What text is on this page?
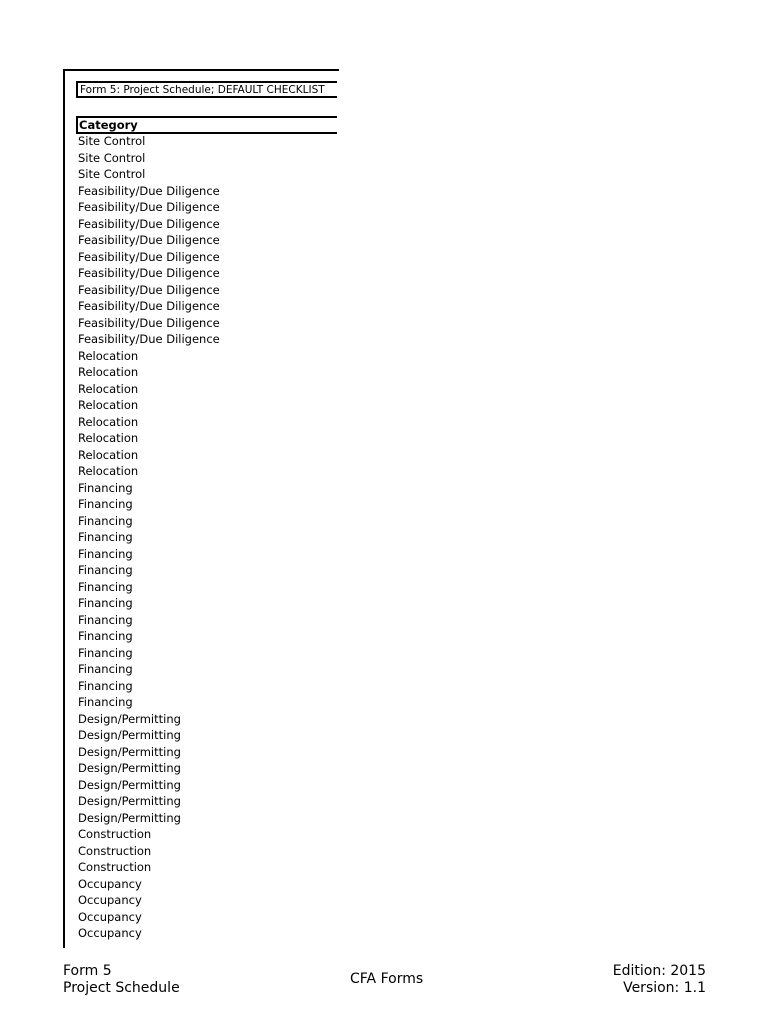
Form 5: Project Schedule; DEFAULT CHECKLIST
Category
Site Control
Site Control
Site Control
Feasibility/Due Diligence
Feasibility/Due Diligence
Feasibility/Due Diligence
Feasibility/Due Diligence
Feasibility/Due Diligence
Feasibility/Due Diligence
Feasibility/Due Diligence
Feasibility/Due Diligence
Feasibility/Due Diligence
Feasibility/Due Diligence
Relocation
Relocation
Relocation
Relocation
Relocation
Relocation
Relocation
Relocation
Financing
Financing
Financing
Financing
Financing
Financing
Financing
Financing
Financing
Financing
Financing
Financing
Financing
Financing
Design/Permitting
Design/Permitting
Design/Permitting
Design/Permitting
Design/Permitting
Design/Permitting
Design/Permitting
Construction
Construction
Construction
Occupancy
Occupancy
Occupancy
Occupancy
Form 5
Project Schedule
CFA Forms	Edition: 2015
Version: 1.1
